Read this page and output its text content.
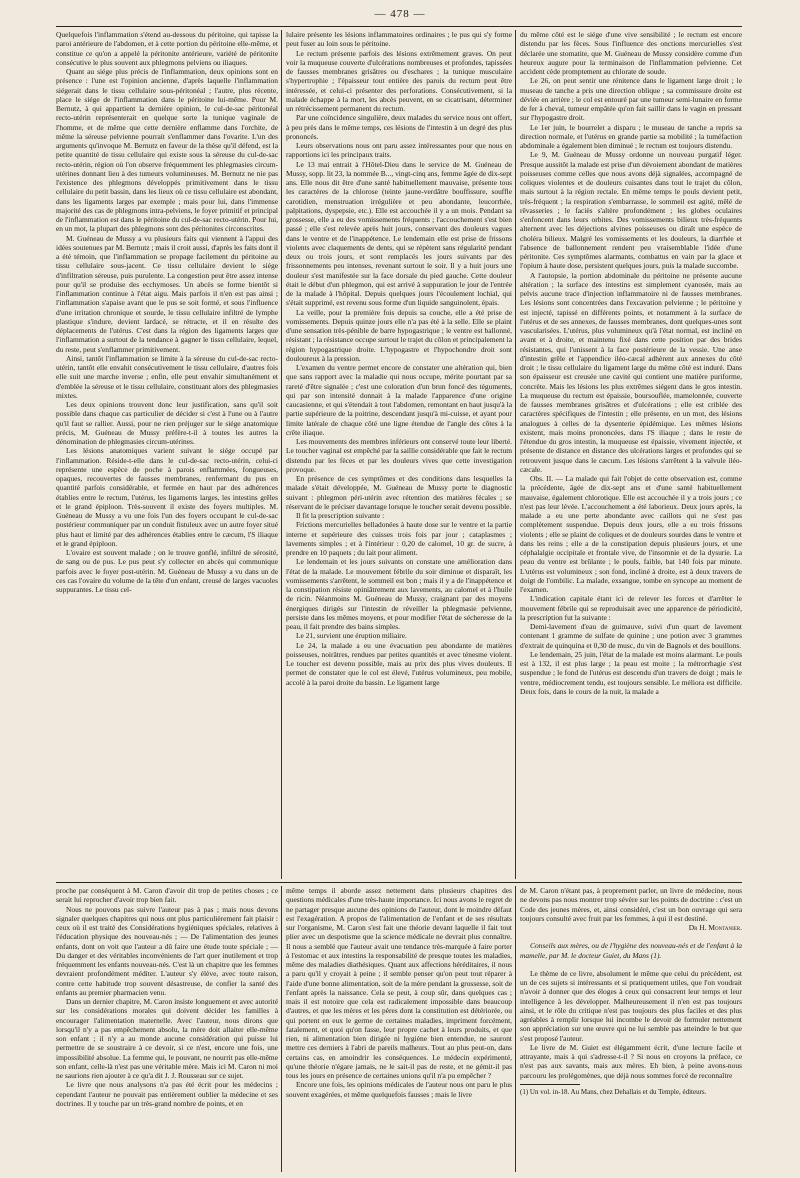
— 478 —

Quelquefois l'inflammation s'étend au-dessous du péritoine, qui tapisse la paroi antérieure de l'abdomen, et à cette portion du péritoine elle-même, et constitue ce qu'on a appelé la péritonite antérieure, variété de péritonite consécutive le plus souvent aux phlegmons pelviens ou iliaques.

Quant au siége plus précis de l'inflammation, deux opinions sont en présence : l'une est l'opinion ancienne, d'après laquelle l'inflammation siégerait dans le tissu cellulaire sous-péritonéal ; l'autre, plus récente, place le siége de l'inflammation dans le péritoine lui-même. Pour M. Bernutz, à qui appartient la dernière opinion, le cul-de-sac péritonéal recto-utérin représenterait en quelque sorte la tunique vaginale de l'homme, et de même que cette dernière enflamme dans l'orchite, de même la séreuse pelvienne pourrait s'enflammer dans l'ovarite. L'un des arguments qu'invoque M. Bernutz en faveur de la thèse qu'il défend, est la petite quantité de tissu cellulaire qui existe sous la séreuse du cul-de-sac recto-utérin, région où l'on observe fréquemment les phlegmasies circum-utérines donnant lieu à des tumeurs volumineuses. M. Bernutz ne nie pas l'existence des phlegmons développés primitivement dans le tissu cellulaire du petit bassin, dans les lieux où ce tissu cellulaire est abondant, dans les ligaments larges par exemple ; mais pour lui, dans l'immense majorité des cas de phlegmons intra-pelviens, le foyer primitif et principal de l'inflammation est dans le péritoine du cul-de-sac recto-utérin. Pour lui, en un mot, la plupart des phlegmons sont des péritonites circonscrites.

M. Guéneau de Mussy a vu plusieurs faits qui viennent à l'appui des idées soutenues par M. Bernutz ; mais il croit aussi, d'après les faits dont il a été témoin, que l'inflammation se propage facilement du péritoine au tissu cellulaire sous-jacent. Ce tissu cellulaire devient le siége d'infiltration séreuse, puis purulente. La congestion peut être assez intense pour qu'il se produise des ecchymoses. Un abcès se forme bientôt si l'inflammation continue à l'état aigu. Mais parfois il n'en est pas ainsi ; l'inflammation s'apaise avant que le pus se soit formé, et sous l'influence d'une irritation chronique et sourde, le tissu cellulaire infiltré de lymphe plastique s'indure, devient lardacé, se rétracte, et il en résulte des déplacements de l'utérus. C'est dans la région des ligaments larges que l'inflammation a surtout de la tendance à gagner le tissu cellulaire, lequel, du reste, peut s'enflammer primitivement.

Ainsi, tantôt l'inflammation se limite à la séreuse du cul-de-sac recto-utérin, tantôt elle envahit consécutivement le tissu cellulaire, d'autres fois elle suit une marche inverse ; enfin, elle peut envahir simultanément et d'emblée la séreuse et le tissu cellulaire, constituant alors des phlegmasies mixtes.

Les deux opinions trouvent donc leur justification, sans qu'il soit possible dans chaque cas particulier de décider si c'est à l'une ou à l'autre qu'il faut se rallier. Aussi, pour ne rien préjuger sur le siége anatomique précis, M. Guéneau de Mussy préfère-t-il à toutes les autres la dénomination de phlegmasies circum-utérines.

Les lésions anatomiques varient suivant le siége occupé par l'inflammation. Réside-t-elle dans le cul-de-sac recto-utérin, celui-ci représente une espèce de poche à parois enflammées, fongueuses, opaques, recouvertes de fausses membranes, renfermant du pus en quantité parfois considérable, et fermée en haut par des adhérences établies entre le rectum, l'utérus, les ligaments larges, les intestins grêles et le grand épiploon. Très-souvent il existe des foyers multiples. M. Guéneau de Mussy a vu une fois l'un des foyers occupant le cul-de-sac postérieur communiquer par un conduit fistuleux avec un autre foyer situé plus haut et limité par des adhérences établies entre le cæcum, l'S iliaque et le grand épiploon.

L'ovaire est souvent malade ; on le trouve gonflé, infiltré de sérosité, de sang ou de pus. Le pus peut s'y collecter en abcès qui communique parfois avec le foyer post-utérin. M. Guéneau de Mussy a vu dans un de ces cas l'ovaire du volume de la tête d'un enfant, creusé de larges vacuoles suppurantes. Le tissu cel-

lulaire présente les lésions inflammatoires ordinaires ; le pus qui s'y forme peut fuser au loin sous le péritoine.

Le rectum présente parfois des lésions extrêmement graves. On peut voir la muqueuse couverte d'ulcérations nombreuses et profondes, tapissées de fausses membranes grisâtres ou d'eschares ; la tunique musculaire s'hypertrophie ; l'épaisseur tout entière des parois du rectum peut être intéressée, et celui-ci présenter des perforations. Consécutivement, si la malade échappe à la mort, les abcès peuvent, en se cicatrisant, déterminer un rétrécissement permanent du rectum.

Par une coïncidence singulière, deux malades du service nous ont offert, à peu près dans le même temps, ces lésions de l'intestin à un degré des plus prononcés.

Leurs observations nous ont paru assez intéressantes pour que nous en rapportions ici les principaux traits.

Le 13 mai entrait à l'Hôtel-Dieu dans le service de M. Guéneau de Mussy, sopp. lit 23, la nommée B..., vingt-cinq ans, femme âgée de dix-sept ans. Elle nous dit être d'une santé habituellement mauvaise, présente tous les caractères de la chlorose (teinte jaune-verdâtre bouffissure, souffle carotidien, menstruation irrégulière et peu abondante, leucorrhée, palpitations, dyspepsie, etc.). Elle est accouchée il y a un mois. Pendant sa grossesse, elle a eu des vomissements fréquents ; l'accouchement s'est bien passé ; elle s'est relevée après huit jours, conservant des douleurs vagues dans le ventre et de l'inappétence. Le lendemain elle est prise de frissons violents avec claquements de dents, qui se répètent sans régularité pendant deux ou trois jours, et sont remplacés les jours suivants par des frissonnements peu intenses, revenant surtout le soir. Il y a huit jours une douleur s'est manifestée sur la face dorsale du pied gauche. Cette douleur était le début d'un phlegmon, qui est arrivé à suppuration le jour de l'entrée de la malade à l'hôpital. Depuis quelques jours l'écoulement lochial, qui s'était supprimé, est revenu sous forme d'un liquide sanguinolent, épais.

La veille, pour la première fois depuis sa couche, elle a été prise de vomissements. Depuis quinze jours elle n'a pas été à la selle. Elle se plaint d'une sensation très-pénible de barre hypogastrique ; le ventre est ballonné, résistant ; la résistance occupe surtout le trajet du côlon et principalement la région hypogastrique droite. L'hypogastre et l'hypochondre droit sont douloureux à la pression.

L'examen du ventre permet encore de constater une altération qui, bien que sans rapport avec la maladie qui nous occupe, mérite pourtant par sa rareté d'être signalée ; c'est une coloration d'un brun foncé des téguments, qui par son intensité donnait à la malade l'apparence d'une origine caucasienne, et qui s'étendait à tout l'abdomen, remontant en haut jusqu'à la partie supérieure de la poitrine, descendant jusqu'à mi-cuisse, et ayant pour limite latérale de chaque côté une ligne étendue de l'angle des côtes à la crête iliaque.

Les mouvements des membres inférieurs ont conservé toute leur liberté. Le toucher vaginal est empêché par la saillie considérable que fait le rectum distendu par les fèces et par les douleurs vives que cette investigation provoque.

En présence de ces symptômes et des conditions dans lesquelles la malade s'était développée, M. Guéneau de Mussy porte le diagnostic suivant : phlegmon péri-utérin avec rétention des matières fécales ; se réservant de le préciser davantage lorsque le toucher serait devenu possible.

Il fit la prescription suivante :

Frictions mercurielles belladonées à haute dose sur le ventre et la partie interne et supérieure des cuisses trois fois par jour ; cataplasmes ; lavements simples ; et à l'intérieur : 0,20 de calomel, 10 gr. de sucre, à prendre en 10 paquets ; du lait pour aliment.

Le lendemain et les jours suivants on constate une amélioration dans l'état de la malade. Le mouvement fébrile du soir diminue et disparaît, les vomissements s'arrêtent, le sommeil est bon ; mais il y a de l'inappétence et la constipation résiste opiniâtrement aux lavements, au calomel et à l'huile de ricin. Néanmoins M. Guéneau de Mussy, craignant par des moyens énergiques dirigés sur l'intestin de réveiller la phlegmasie pelvienne, persiste dans les mêmes moyens, et pour modifier l'état de sécheresse de la peau, il fait prendre des bains simples.

Le 21, survient une éruption miliaire.

Le 24, la malade a eu une évacuation peu abondante de matières poisseuses, noirâtres, rendues par petites quantités et avec ténesme violent. Le toucher est devenu possible, mais au prix des plus vives douleurs. Il permet de constater que le col est élevé, l'utérus volumineux, peu mobile, accolé à la paroi droite du bassin. Le ligament large

du même côté est le siége d'une vive sensibilité ; le rectum est encore distendu par les fèces. Sous l'influence des onctions mercurielles s'est déclarée une stomatite, que M. Guéneau de Mussy considère comme d'un heureux augure pour la terminaison de l'inflammation pelvienne. Cet accident cède promptement au chlorate de soude.

Le 26, on peut sentir une rénitence dans le ligament large droit ; le museau de tanche a pris une direction oblique ; sa commissure droite est déviée en arrière ; le col est entouré par une tumeur semi-lunaire en forme de fer à cheval, tumeur empâtée qu'on fait saillir dans le vagin en pressant sur l'hypogastre droit.

Le 1er juin, le bourrelet a disparu ; le museau de tanche a repris sa direction normale, et l'utérus en grande partie sa mobilité ; la tuméfaction abdominale a également bien diminué ; le rectum est toujours distendu.

Le 9, M. Guéneau de Mussy ordonne un nouveau purgatif léger. Presque aussitôt la malade est prise d'un dévoiement abondant de matières poisseuses comme celles que nous avons déjà signalées, accompagné de coliques violentes et de douleurs cuisantes dans tout le trajet du côlon, mais surtout à la région rectale. En même temps le pouls devient petit, très-fréquent ; la respiration s'embarrasse, le sommeil est agité, mêlé de rêvasseries ; le faciès s'altère profondément ; les globes oculaires s'enfoncent dans leurs orbites. Des vomissements bilieux très-fréquents alternent avec les déjections alvines poisseuses ou diraît une espèce de choléra bilieux. Malgré les vomissements et les douleurs, la diarrhée et l'absence de ballonnement rendent peu vraisemblable l'idée d'une péritonite. Ces symptômes alarmants, combattus en vain par la glace et l'opium à haute dose, persistent quelques jours, puis la malade succombe.

A l'autopsie, la portion abdominale du péritoine ne présente aucune altération ; la surface des intestins est simplement cyanosée, mais au pelvis aucune trace d'injection inflammatoire ni de fausses membranes. Les lésions sont concentrées dans l'excavation pelvienne ; le péritoine y est injecté, tapissé en différents points, et notamment à la surface de l'utérus et de ses annexes, de fausses membranes, dont quelques-unes sont vascularisées. L'utérus, plus volumineux qu'à l'état normal, est incliné en avant et à droite, et maintenu fixé dans cette position par des brides résistantes, qui l'unissent à la face postérieure de la vessie. Une anse d'intestin grêle et l'appendice iléo-cæcal adhèrent aux annexes du côté droit ; le tissu cellulaire du ligament large du même côté est induré. Dans son épaisseur est creusée une cavité qui contient une matière puriforme, concrète. Mais les lésions les plus extrêmes siégent dans le gros intestin. La muqueuse du rectum est épaissie, boursouflée, mamelonnée, couverte de fausses membranes grisâtres et d'ulcérations ; elle est criblée des caractères spécifiques de l'intestin ; elle présente, en un mot, des lésions analogues à celles de la dysenterie épidémique. Les mêmes lésions existent, mais moins prononcées, dans l'S iliaque ; dans le reste de l'étendue du gros intestin, la muqueuse est épaissie, vivement injectée, et présente de distance en distance des ulcérations larges et profondes qui se retrouvent jusque dans le cæcum. Les lésions s'arrêtent à la valvule iléo-cæcale.

Obs. II. — La malade qui fait l'objet de cette observation est, comme la précédente, âgée de dix-sept ans et d'une santé habituellement mauvaise, également chlorotique. Elle est accouchée il y a trois jours ; ce n'est pas leur lévée. L'accouchement a été laborieux. Deux jours après, la malade a eu une perte abondante avec caillots qui ne s'est pas complètement suspendue. Depuis deux jours, elle a eu trois frissons violents ; elle se plaint de coliques et de douleurs sourdes dans le ventre et dans les reins ; elle a de la constipation depuis plusieurs jours, et une céphalalgie occipitale et frontale vive, de l'insomnie et de la dysurie. La peau du ventre est brûlante ; le pouls, faible, bat 140 fois par minute. L'utérus est volumineux ; son fond, incliné à droite, est à deux travers de doigt de l'ombilic. La malade, exsangue, tombe en syncope au moment de l'examen.

L'indication capitale étant ici de relever les forces et d'arrêter le mouvement fébrile qui se reproduisait avec une apparence de périodicité, la prescription fut la suivante :

Demi-lavement d'eau de guimauve, suivi d'un quart de lavement contenant 1 gramme de sulfate de quinine ; une potion avec 3 grammes d'extrait de quinquina et 0,30 de musc, du vin de Bagnols et des bouillons.

Le lendemain, 25 juin, l'état de la malade est moins alarmant. Le pouls est à 132, il est plus large ; la peau est moite ; la métrorrhagie s'est suspendue ; le fond de l'utérus est descendu d'un travers de doigt ; mais le ventre, médiocrement tendu, est toujours sensible. Le méliora est difficile. Deux fois, dans le cours de la nuit, la malade a

proche par conséquent à M. Caron d'avoir dit trop de petites choses ; ce serait lui reprocher d'avoir trop bien fait.

Nous ne pouvons pas suivre l'auteur pas à pas ; mais nous devons signaler quelques chapitres qui nous ont plus particulièrement fait plaisir : ceux où il est traité des Considérations hygiéniques spéciales, relatives à l'éducation physique des nouveau-nés ; — De l'alimentation des jeunes enfants, dont on voit que l'auteur a dû faire une étude toute spéciale ; — Du danger et des véritables inconvénients de l'art quer inutilement et trop fréquemment les enfants nouveau-nés. C'est là un chapitre que les femmes devraient profondément méditer. L'auteur s'y élève, avec toute raison, contre cette habitude trop souvent désastreuse, de confier la santé des enfants au premier pharmacien venu.

Dans un dernier chapitre, M. Caron insiste longuement et avec autorité sur les considérations morales qui doivent décider les familles à encourager l'alimentation maternelle. Avec l'auteur, nous dirons que lorsqu'il n'y a pas empêchement absolu, la mère doit allaiter elle-même son enfant ; il n'y a au monde aucune considération qui puisse lui permettre de se soustraire à ce devoir, si ce n'est, encore une fois, une impossibilité absolue. La femme qui, le pouvant, ne nourrit pas elle-même son enfant, celle-là n'est pas une véritable mère. Mais ici M. Caron ni moi ne saurions rien ajouter à ce qu'a dit J. J. Rousseau sur ce sujet.

Le livre que nous analysons n'a pas été écrit pour les médecins ; cependant l'auteur ne pouvait pas entièrement oublier la médecine et ses doctrines. Il y touche par un très-grand nombre de points, et en

même temps il aborde assez nettement dans plusieurs chapitres des questions médicales d'une très-haute importance. Ici nous avons le regret de ne partager presque aucune des opinions de l'auteur, dont le moindre défaut est l'exagération. A propos de l'alimentation de l'enfant et de ses résultats sur l'organisme, M. Caron s'est fait une théorie devant laquelle il fait tout plier avec un despotisme que la science médicale ne devrait plus connaître. Il nous a semblé que l'auteur avait une tendance très-marquée à faire porter à l'estomac et aux intestins la responsabilité de presque toutes les maladies, même des maladies diathésiques. Quant aux affections héréditaires, il nous a paru qu'il y croyait à peine ; il semble penser qu'on peut tout réparer à l'aide d'une bonne alimentation, soit de la mère pendant la grossesse, soit de l'enfant après la naissance. Cela se peut, à coup sûr, dans quelques cas ; mais il est notoire que cela est radicalement impossible dans beaucoup d'autres, et que les mères et les pères dont la constitution est détériorée, ou qui portent en eux le germe de certaines maladies, impriment forcément, fatalement, et quoi qu'on fasse, leur propre cachet à leurs produits, et que rien, ni alimentation bien dirigée ni hygiène bien entendue, ne sauront mettre ces derniers à l'abri de pareils malheurs. Tout au plus peut-on, dans certains cas, en amoindrir les conséquences. Le médecin expérimenté, qu'une théorie n'égare jamais, ne le sait-il pas de reste, et ne gémit-il pas tous les jours en présence de certaines unions qu'il n'a pu empêcher ?

Encore une fois, les opinions médicales de l'auteur nous ont paru le plus souvent exagérées, et même quelquefois fausses ; mais le livre

de M. Caron n'étant pas, à proprement parler, un livre de médecine, nous ne devons pas nous montrer trop sévère sur les points de doctrine : c'est un Code des jeunes mères, et, ainsi considéré, c'est un bon ouvrage qui sera toujours consulté avec fruit par les femmes, à qui il est destiné.

Dr H. Montanier.

Conseils aux mères, ou de l'hygiène des nouveau-nés et de l'enfant à la mamelle, par M. le docteur Guiet, du Mans (1).

Le thème de ce livre, absolument le même que celui du précédent, est un de ces sujets si intéressants et si pratiquement utiles, que l'on voudrait n'avoir à donner que des éloges à ceux qui consacrent leur temps et leur intelligence à les développer. Malheureusement il n'en est pas toujours ainsi, et le rôle du critique n'est pas toujours des plus faciles et des plus agréables à remplir lorsque lui incombe le devoir de formuler nettement son appréciation sur une œuvre qui ne lui semble pas atteindre le but que s'est proposé l'auteur.

Le livre de M. Guiet est élégamment écrit, d'une lecture facile et attrayante, mais à qui s'adresse-t-il ? Si nous en croyons la préface, ce n'est pas aux savants, mais aux mères. Eh bien, à peine avons-nous parcouru les prolégomènes, que déjà nous sommes forcé de reconnaître

(1) Un vol. in-18. Au Mans, chez Dehallais et du Temple, éditeurs.
